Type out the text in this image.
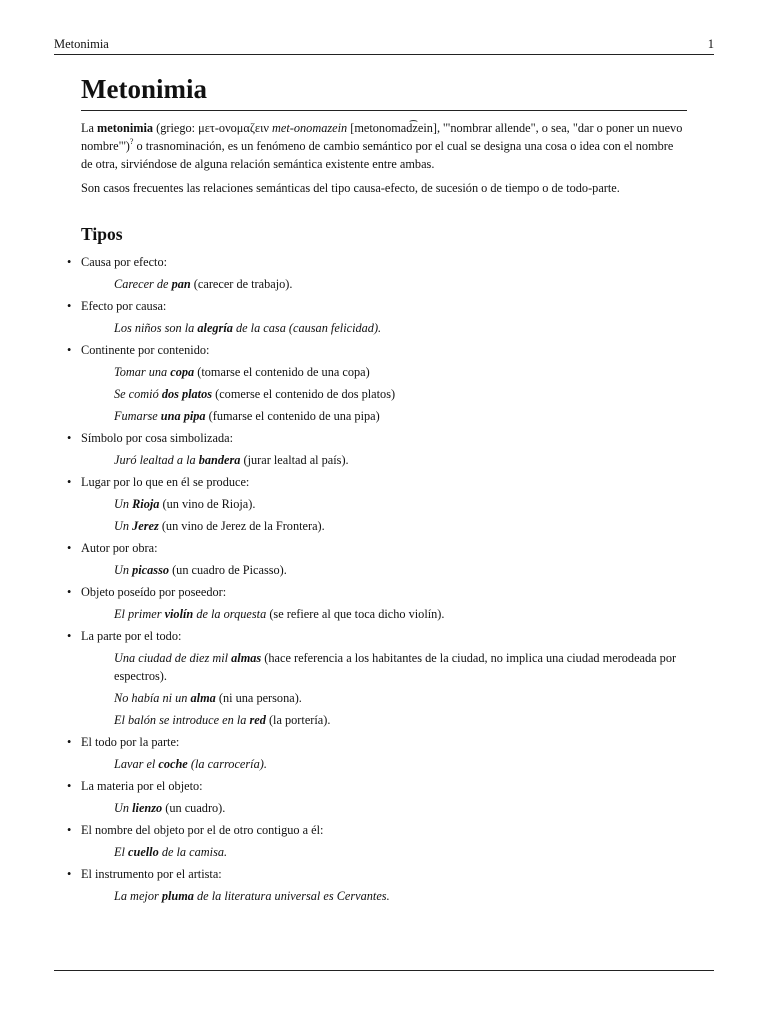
Metonimia	1
Metonimia

La metonimia (griego: μετ-ονομαζειν met-onomazein [metonomad͡zein], '"nombrar allende", o sea, "dar o poner un nuevo nombre"')? o trasnominación, es un fenómeno de cambio semántico por el cual se designa una cosa o idea con el nombre de otra, sirviéndose de alguna relación semántica existente entre ambas.

Son casos frecuentes las relaciones semánticas del tipo causa-efecto, de sucesión o de tiempo o de todo-parte.

Tipos
• Causa por efecto:
Carecer de pan (carecer de trabajo).
• Efecto por causa:
Los niños son la alegría de la casa (causan felicidad).
• Continente por contenido:
Tomar una copa (tomarse el contenido de una copa)
Se comió dos platos (comerse el contenido de dos platos)
Fumarse una pipa (fumarse el contenido de una pipa)
• Símbolo por cosa simbolizada:
Juró lealtad a la bandera (jurar lealtad al país).
• Lugar por lo que en él se produce:
Un Rioja (un vino de Rioja).
Un Jerez (un vino de Jerez de la Frontera).
• Autor por obra:
Un picasso (un cuadro de Picasso).
• Objeto poseído por poseedor:
El primer violín de la orquesta (se refiere al que toca dicho violín).
• La parte por el todo:
Una ciudad de diez mil almas (hace referencia a los habitantes de la ciudad, no implica una ciudad merodeada por espectros).
No había ni un alma (ni una persona).
El balón se introduce en la red (la portería).
• El todo por la parte:
Lavar el coche (la carrocería).
• La materia por el objeto:
Un lienzo (un cuadro).
• El nombre del objeto por el de otro contiguo a él:
El cuello de la camisa.
• El instrumento por el artista:
La mejor pluma de la literatura universal es Cervantes.
